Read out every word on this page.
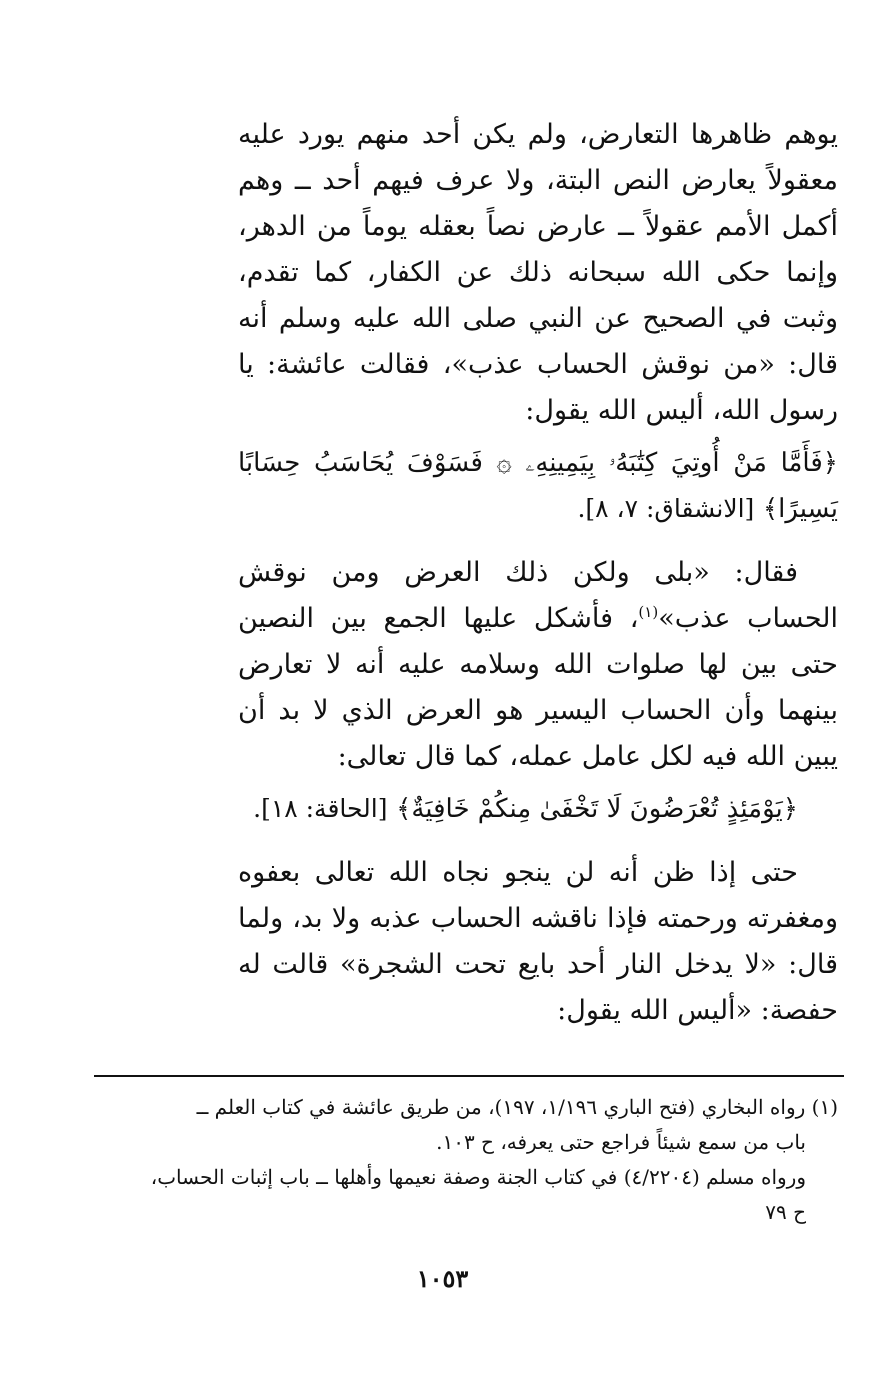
يوهم ظاهرها التعارض، ولم يكن أحد منهم يورد عليه معقولاً يعارض النص البتة، ولا عرف فيهم أحد ــ وهم أكمل الأمم عقولاً ــ عارض نصاً بعقله يوماً من الدهر، وإنما حكى الله سبحانه ذلك عن الكفار، كما تقدم، وثبت في الصحيح عن النبي صلى الله عليه وسلم أنه قال: «من نوقش الحساب عذب»، فقالت عائشة: يا رسول الله، أليس الله يقول:

﴿فَأَمَّا مَنْ أُوتِيَ كِتَٰبَهُۥ بِيَمِينِهِۦ ۞ فَسَوْفَ يُحَاسَبُ حِسَابًا يَسِيرًا﴾ [الانشقاق: ٧، ٨].

فقال: «بلى ولكن ذلك العرض ومن نوقش الحساب عذب»$^{(١)}$، فأشكل عليها الجمع بين النصين حتى بين لها صلوات الله وسلامه عليه أنه لا تعارض بينهما وأن الحساب اليسير هو العرض الذي لا بد أن يبين الله فيه لكل عامل عمله، كما قال تعالى:

﴿يَوْمَئِذٍ تُعْرَضُونَ لَا تَخْفَىٰ مِنكُمْ خَافِيَةٌ﴾ [الحاقة: ١٨].

حتى إذا ظن أنه لن ينجو نجاه الله تعالى بعفوه ومغفرته ورحمته فإذا ناقشه الحساب عذبه ولا بد، ولما قال: «لا يدخل النار أحد بايع تحت الشجرة» قالت له حفصة: «أليس الله يقول:

(١) رواه البخاري (فتح الباري ١/١٩٦، ١٩٧)، من طريق عائشة في كتاب العلم ــ

باب من سمع شيئاً فراجع حتى يعرفه، ح ١٠٣.

ورواه مسلم (٤/٢٢٠٤) في كتاب الجنة وصفة نعيمها وأهلها ــ باب إثبات الحساب،

ح ٧٩

١٠٥٣
